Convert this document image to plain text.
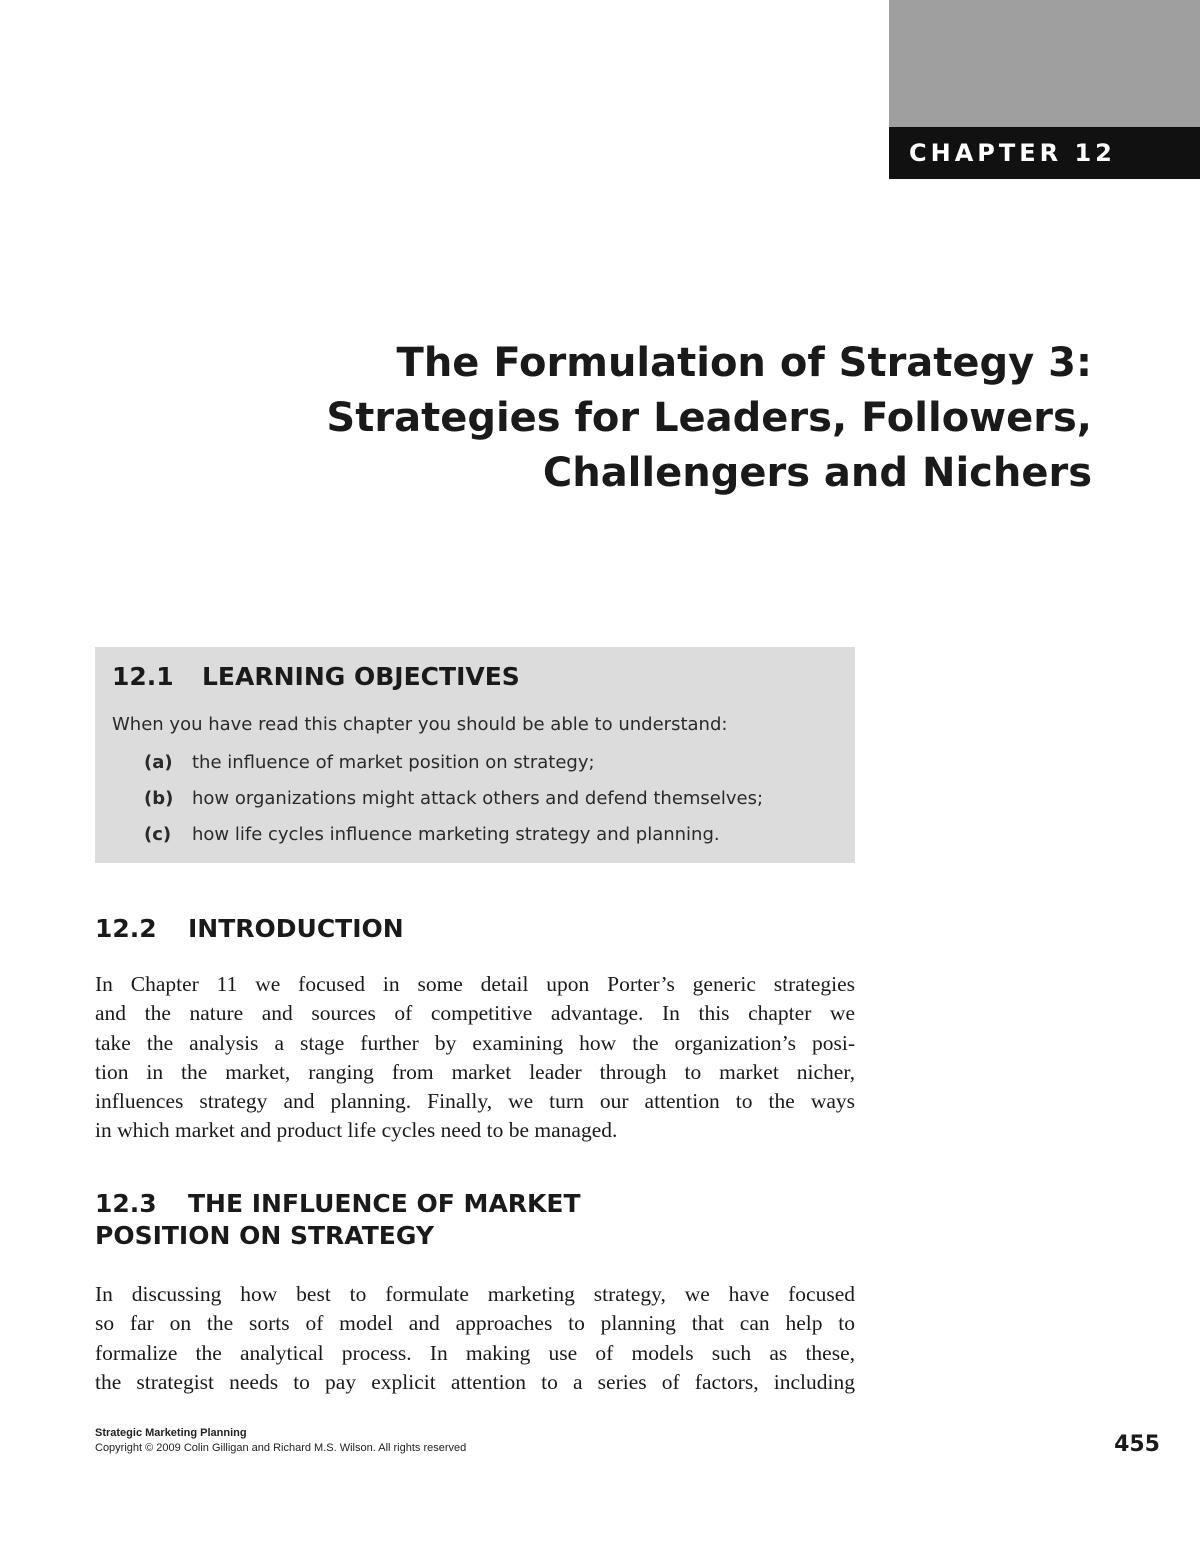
CHAPTER 12
The Formulation of Strategy 3:
Strategies for Leaders, Followers,
Challengers and Nichers
12.1 LEARNING OBJECTIVES
When you have read this chapter you should be able to understand:
(a)	the influence of market position on strategy;
(b)	how organizations might attack others and defend themselves;
(c)	how life cycles influence marketing strategy and planning.
12.2 INTRODUCTION

In Chapter 11 we focused in some detail upon Porter’s generic strategies
and the nature and sources of competitive advantage. In this chapter we
take the analysis a stage further by examining how the organization’s posi-
tion in the market, ranging from market leader through to market nicher,
influences strategy and planning. Finally, we turn our attention to the ways
in which market and product life cycles need to be managed.

12.3 THE INFLUENCE OF MARKET
POSITION ON STRATEGY

In discussing how best to formulate marketing strategy, we have focused
so far on the sorts of model and approaches to planning that can help to
formalize the analytical process. In making use of models such as these,
the strategist needs to pay explicit attention to a series of factors, including

Strategic Marketing Planning
Copyright © 2009 Colin Gilligan and Richard M.S. Wilson. All rights reserved	455
